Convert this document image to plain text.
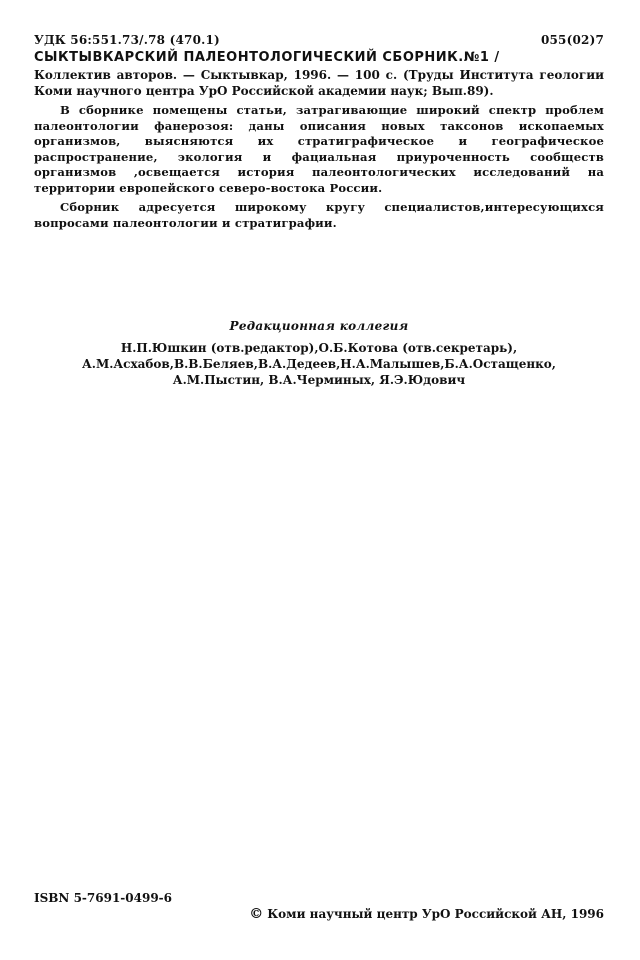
УДК 56:551.73/.78 (470.1)	055(02)7
СЫКТЫВКАРСКИЙ ПАЛЕОНТОЛОГИЧЕСКИЙ СБОРНИК.№1 /
Коллектив авторов. — Сыктывкар, 1996. — 100 с. (Труды Института геологии Коми научного центра УрО Российской академии наук; Вып.89).

В сборнике помещены статьи, затрагивающие широкий спектр проблем палеонтологии фанерозоя: даны описания новых таксонов ископаемых организмов, выясняются их стратиграфическое и географическое распространение, экология и фациальная приуроченность сообществ организмов ,освещается история палеонтологических исследований на территории европейского северо-востока России.

Сборник адресуется широкому кругу специалистов,интересующихся вопросами палеонтологии и стратиграфии.

Редакционная коллегия
Н.П.Юшкин (отв.редактор),О.Б.Котова (отв.секретарь),
А.М.Асхабов,В.В.Беляев,В.А.Дедеев,Н.А.Малышев,Б.А.Остащенко,
А.М.Пыстин, В.А.Черминых, Я.Э.Юдович
ISBN 5-7691-0499-6
© Коми научный центр УрО Российской АН, 1996
